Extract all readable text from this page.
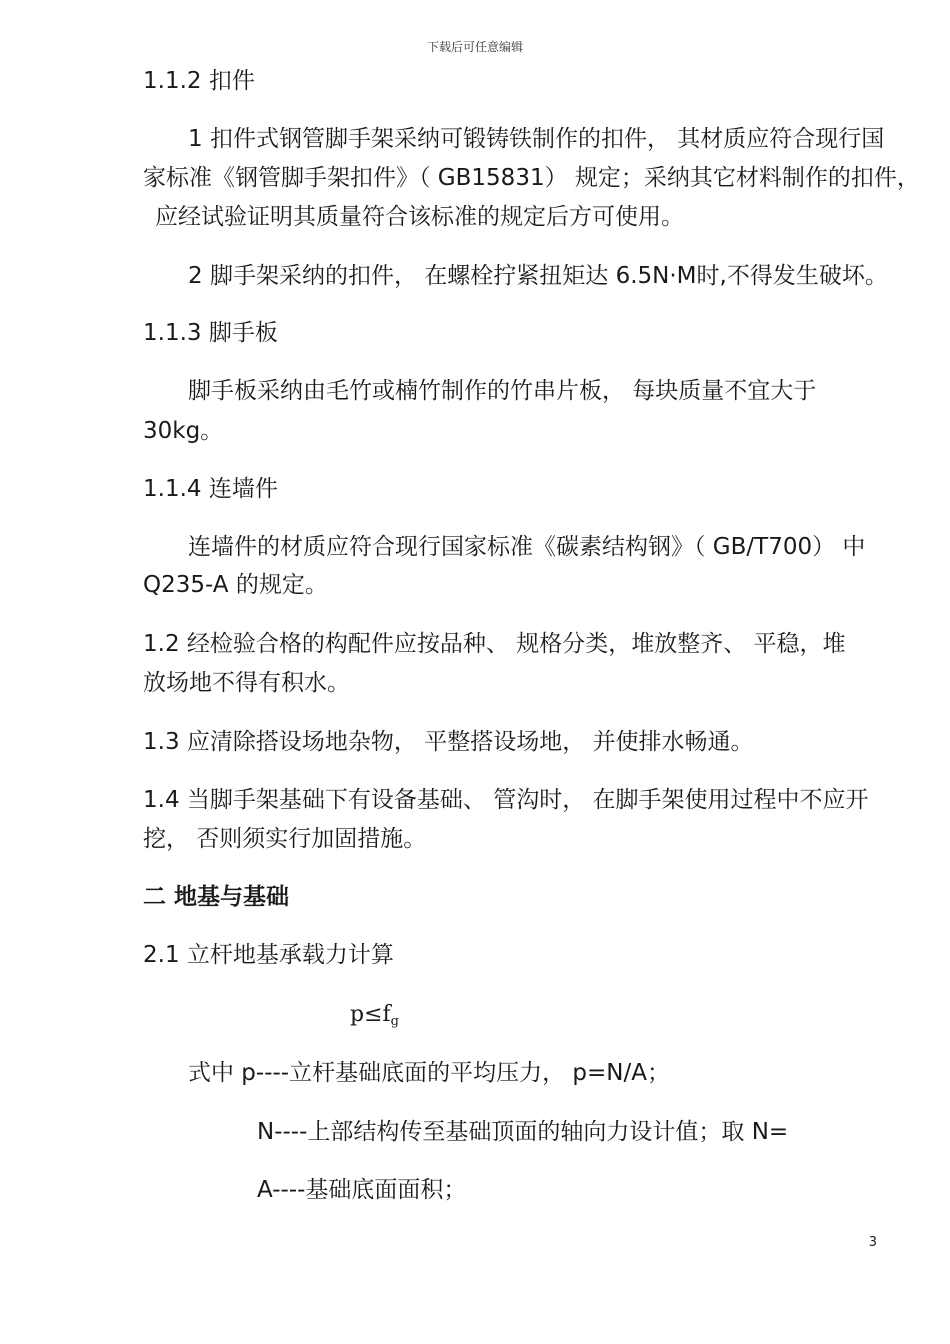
下载后可任意编辑
1.1.2 扣件
1 扣件式钢管脚手架采纳可锻铸铁制作的扣件， 其材质应符合现行国
家标准《钢管脚手架扣件》（ GB15831） 规定；采纳其它材料制作的扣件，
应经试验证明其质量符合该标准的规定后方可使用。
2 脚手架采纳的扣件， 在螺栓拧紧扭矩达 6.5N·M时,不得发生破坏。
1.1.3 脚手板
脚手板采纳由毛竹或楠竹制作的竹串片板， 每块质量不宜大于
30kg。
1.1.4 连墙件
连墙件的材质应符合现行国家标准《碳素结构钢》（ GB/T700） 中
Q235-A 的规定。
1.2 经检验合格的构配件应按品种、 规格分类，堆放整齐、 平稳，堆
放场地不得有积水。
1.3 应清除搭设场地杂物， 平整搭设场地， 并使排水畅通。
1.4 当脚手架基础下有设备基础、 管沟时， 在脚手架使用过程中不应开
挖， 否则须实行加固措施。
二 地基与基础
2.1 立杆地基承载力计算
$p\le f_g$
式中 p----立杆基础底面的平均压力， p=N/A；
N----上部结构传至基础顶面的轴向力设计值；取 N=
A----基础底面面积；
3
